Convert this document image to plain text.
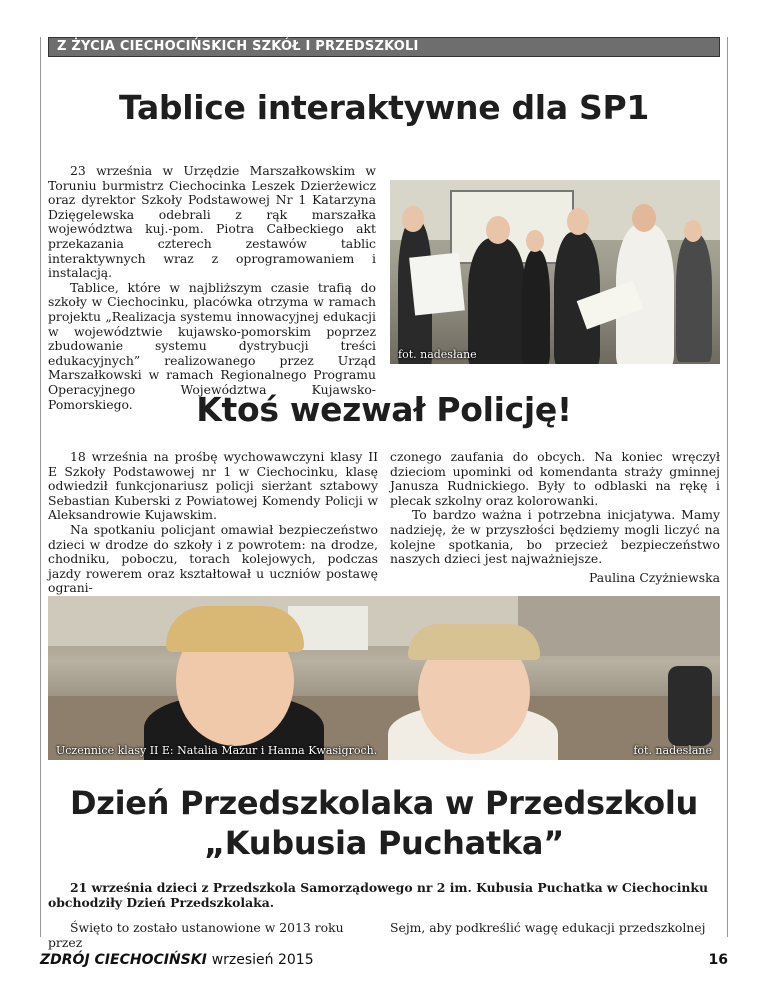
Z ŻYCIA CIECHOCIŃSKICH SZKÓŁ I PRZEDSZKOLI
Tablice interaktywne dla SP1

23 września w Urzędzie Marszałkowskim w Toruniu burmistrz Ciechocinka Leszek Dzierżewicz oraz dyrektor Szkoły Podstawowej Nr 1 Katarzyna Dzięgelewska odebrali z rąk marszałka województwa kuj.-pom. Piotra Całbeckiego akt przekazania czterech zestawów tablic interaktywnych wraz z oprogramowaniem i instalacją.

Tablice, które w najbliższym czasie trafią do szkoły w Ciechocinku, placówka otrzyma w ramach projektu „Realizacja systemu innowacyjnej edukacji w województwie kujawsko-pomorskim poprzez zbudowanie systemu dystrybucji treści edukacyjnych” realizowanego przez Urząd Marszałkowski w ramach Regionalnego Programu Operacyjnego Województwa Kujawsko-Pomorskiego.

fot. nadesłane
Ktoś wezwał Policję!

18 września na prośbę wychowawczyni klasy II E Szkoły Podstawowej nr 1 w Ciechocinku, klasę odwiedził funkcjonariusz policji sierżant sztabowy Sebastian Kuberski z Powiatowej Komendy Policji w Aleksandrowie Kujawskim.

Na spotkaniu policjant omawiał bezpieczeństwo dzieci w drodze do szkoły i z powrotem: na drodze, chodniku, poboczu, torach kolejowych, podczas jazdy rowerem oraz kształtował u uczniów postawę ograni-

czonego zaufania do obcych. Na koniec wręczył dzieciom upominki od komendanta straży gminnej Janusza Rudnickiego. Były to odblaski na rękę i plecak szkolny oraz kolorowanki.

To bardzo ważna i potrzebna inicjatywa. Mamy nadzieję, że w przyszłości będziemy mogli liczyć na kolejne spotkania, bo przecież bezpieczeństwo naszych dzieci jest najważniejsze.

Paulina Czyżniewska

Uczennice klasy II E: Natalia Mazur i Hanna Kwasigroch.	fot. nadesłane
Dzień Przedszkolaka w Przedszkolu
„Kubusia Puchatka”
21 września dzieci z Przedszkola Samorządowego nr 2 im. Kubusia Puchatka w Ciechocinku obchodziły Dzień Przedszkolaka.
Święto to zostało ustanowione w 2013 roku przez
Sejm, aby podkreślić wagę edukacji przedszkolnej
ZDRÓJ CIECHOCIŃSKI wrzesień 2015	16
